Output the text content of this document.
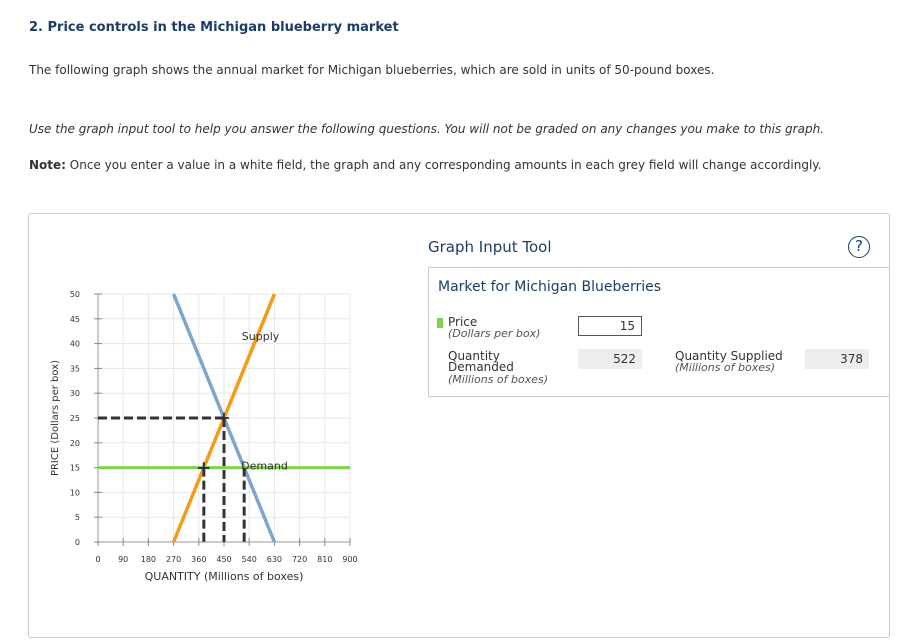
2. Price controls in the Michigan blueberry market
The following graph shows the annual market for Michigan blueberries, which are sold in units of 50-pound boxes.
Use the graph input tool to help you answer the following questions. You will not be graded on any changes you make to this graph.
Note: Once you enter a value in a white field, the graph and any corresponding amounts in each grey field will change accordingly.
0
5
10
15
20
25
30
35
40
45
50
0 90 180 270 360 450 540 630 720 810 900
QUANTITY (Millions of boxes)
PRICE (Dollars per box)
Supply
Demand
+
+
Graph Input Tool	?
Market for Michigan Blueberries
Price
(Dollars per box)
15
Quantity
Demanded
(Millions of boxes)
522	Quantity Supplied
(Millions of boxes)
378
